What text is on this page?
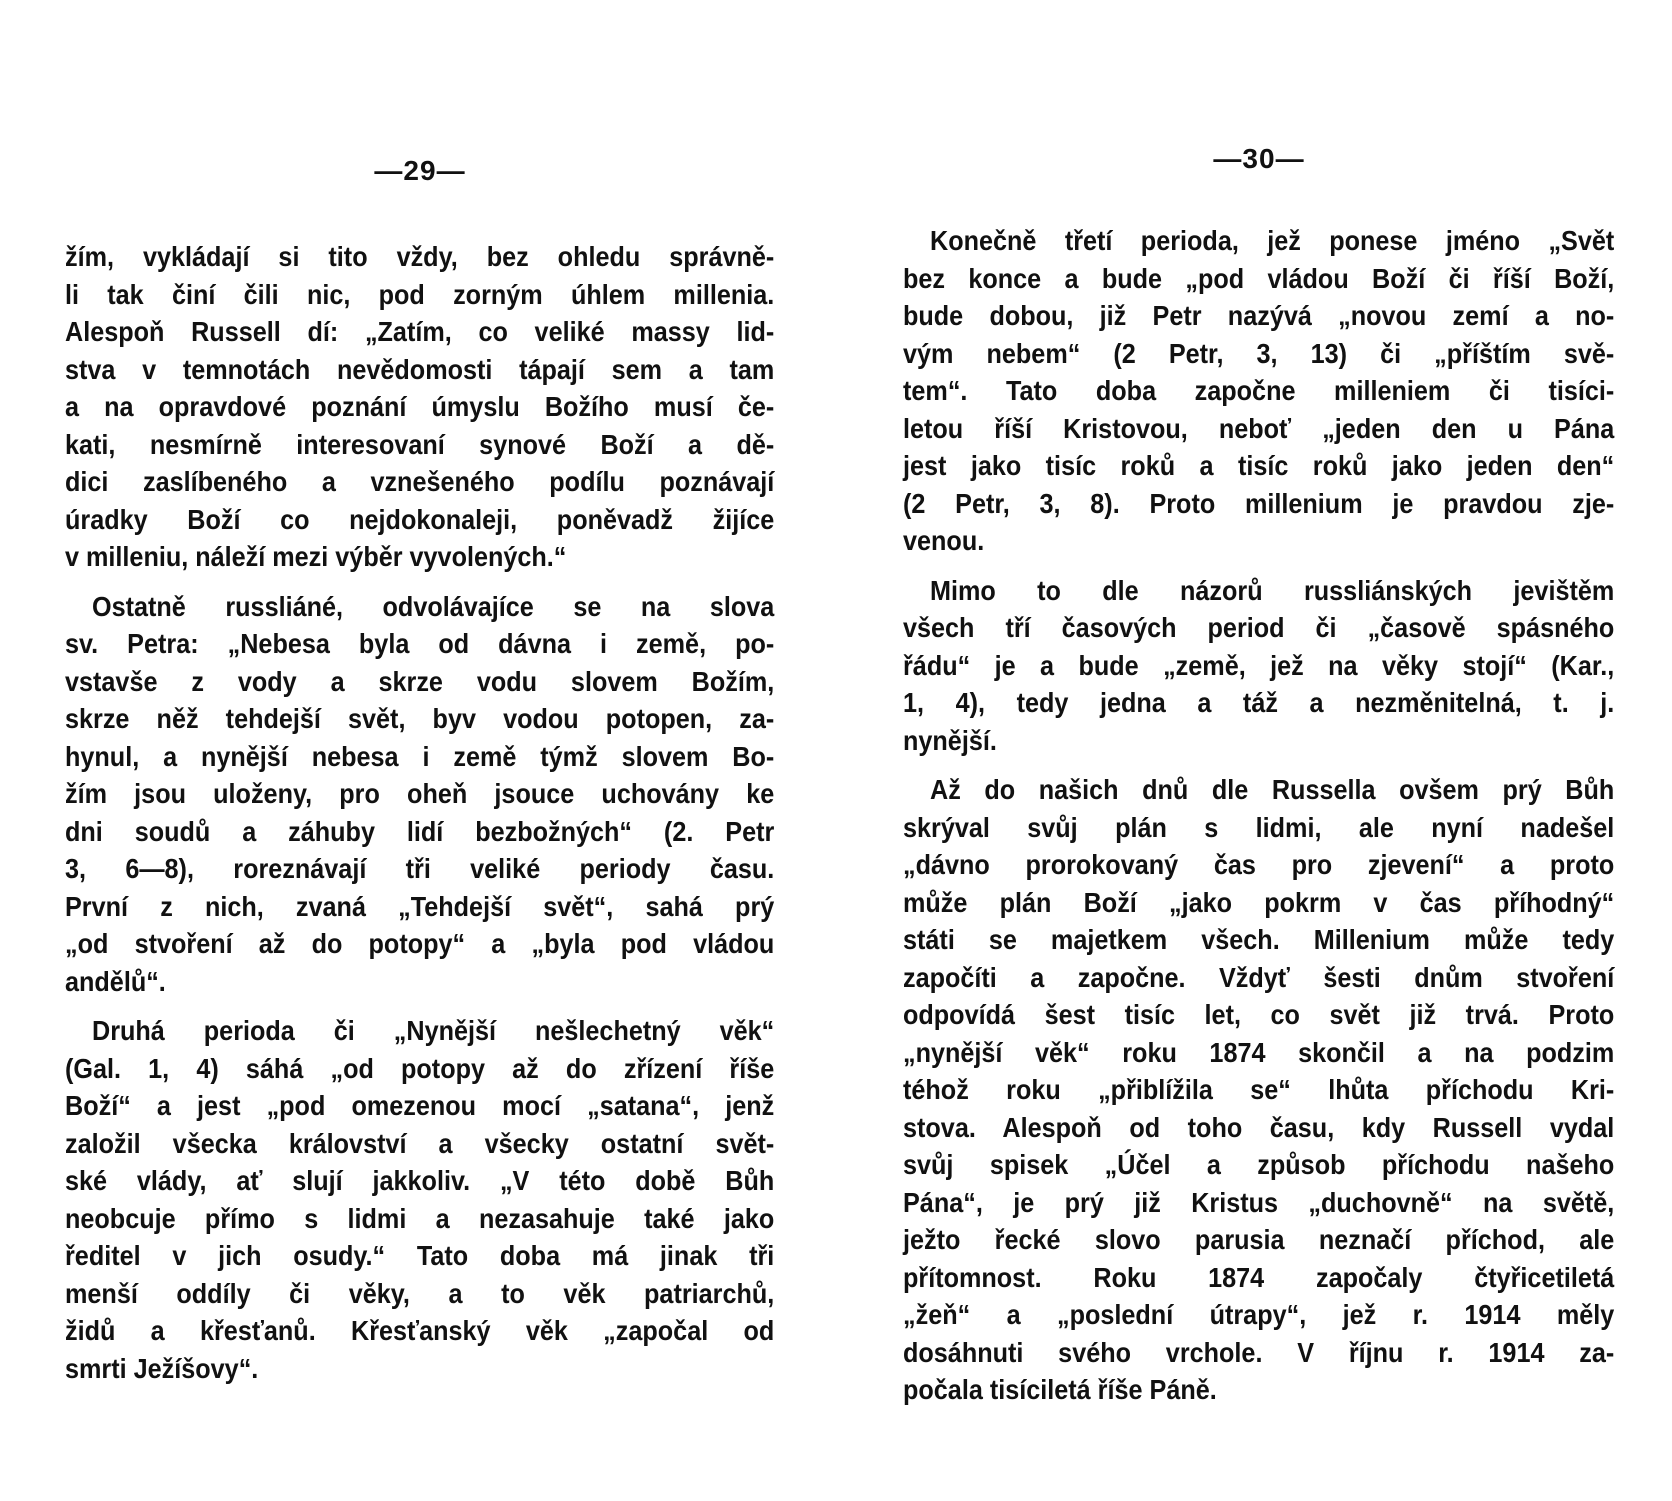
—29—
žím, vykládají si tito vždy, bez ohledu správně-
li tak činí čili nic, pod zorným úhlem millenia.
Alespoň Russell dí: „Zatím, co veliké massy lid-
stva v temnotách nevědomosti tápají sem a tam
a na opravdové poznání úmyslu Božího musí če-
kati, nesmírně interesovaní synové Boží a dě-
dici zaslíbeného a vznešeného podílu poznávají
úradky Boží co nejdokonaleji, poněvadž žijíce
v milleniu, náleží mezi výběr vyvolených.“
Ostatně russliáné, odvolávajíce se na slova
sv. Petra: „Nebesa byla od dávna i země, po-
vstavše z vody a skrze vodu slovem Božím,
skrze něž tehdejší svět, byv vodou potopen, za-
hynul, a nynější nebesa i země týmž slovem Bo-
žím jsou uloženy, pro oheň jsouce uchovány ke
dni soudů a záhuby lidí bezbožných“ (2. Petr
3, 6—8), roreznávají tři veliké periody času.
První z nich, zvaná „Tehdejší svět“, sahá prý
„od stvoření až do potopy“ a „byla pod vládou
andělů“.
Druhá perioda či „Nynější nešlechetný věk“
(Gal. 1, 4) sáhá „od potopy až do zřízení říše
Boží“ a jest „pod omezenou mocí „satana“, jenž
založil všecka království a všecky ostatní svět-
ské vlády, ať slují jakkoliv. „V této době Bůh
neobcuje přímo s lidmi a nezasahuje také jako
ředitel v jich osudy.“ Tato doba má jinak tři
menší oddíly či věky, a to věk patriarchů,
židů a křesťanů. Křesťanský věk „započal od
smrti Ježíšovy“.
—30—
Konečně třetí perioda, jež ponese jméno „Svět
bez konce a bude „pod vládou Boží či říší Boží,
bude dobou, již Petr nazývá „novou zemí a no-
vým nebem“ (2 Petr, 3, 13) či „příštím svě-
tem“. Tato doba započne milleniem či tisíci-
letou říší Kristovou, neboť „jeden den u Pána
jest jako tisíc roků a tisíc roků jako jeden den“
(2 Petr, 3, 8). Proto millenium je pravdou zje-
venou.
Mimo to dle názorů russliánských jevištěm
všech tří časových period či „časově spásného
řádu“ je a bude „země, jež na věky stojí“ (Kar.,
1, 4), tedy jedna a táž a nezměnitelná, t. j.
nynější.
Až do našich dnů dle Russella ovšem prý Bůh
skrýval svůj plán s lidmi, ale nyní nadešel
„dávno prorokovaný čas pro zjevení“ a proto
může plán Boží „jako pokrm v čas příhodný“
státi se majetkem všech. Millenium může tedy
započíti a započne. Vždyť šesti dnům stvoření
odpovídá šest tisíc let, co svět již trvá. Proto
„nynější věk“ roku 1874 skončil a na podzim
téhož roku „přiblížila se“ lhůta příchodu Kri-
stova. Alespoň od toho času, kdy Russell vydal
svůj spisek „Účel a způsob příchodu našeho
Pána“, je prý již Kristus „duchovně“ na světě,
ježto řecké slovo parusia neznačí příchod, ale
přítomnost. Roku 1874 započaly čtyřicetiletá
„žeň“ a „poslední útrapy“, jež r. 1914 měly
dosáhnuti svého vrchole. V říjnu r. 1914 za-
počala tisíciletá říše Páně.
